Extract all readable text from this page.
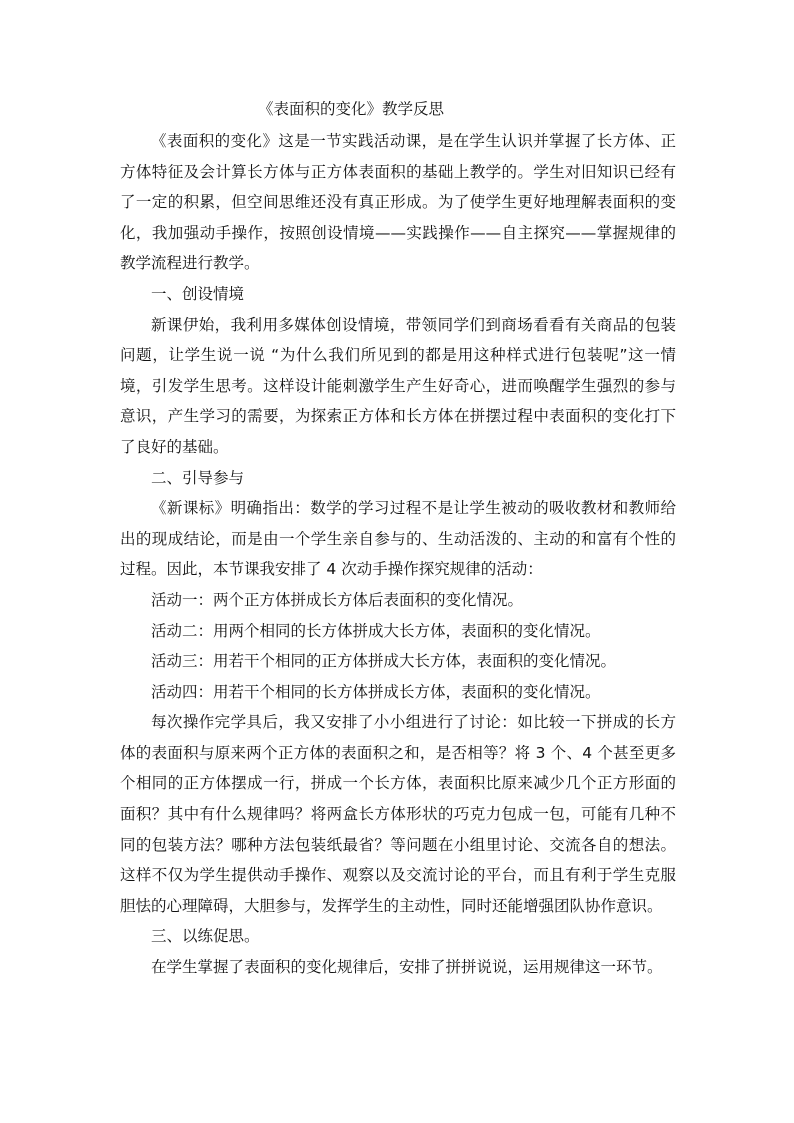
《表面积的变化》教学反思

《表面积的变化》这是一节实践活动课，是在学生认识并掌握了长方体、正方体特征及会计算长方体与正方体表面积的基础上教学的。学生对旧知识已经有了一定的积累，但空间思维还没有真正形成。为了使学生更好地理解表面积的变化，我加强动手操作，按照创设情境——实践操作——自主探究——掌握规律的教学流程进行教学。

一、创设情境

新课伊始，我利用多媒体创设情境，带领同学们到商场看看有关商品的包装问题，让学生说一说 “为什么我们所见到的都是用这种样式进行包装呢”这一情境，引发学生思考。这样设计能刺激学生产生好奇心，进而唤醒学生强烈的参与意识，产生学习的需要，为探索正方体和长方体在拼摆过程中表面积的变化打下了良好的基础。

二、引导参与

《新课标》明确指出：数学的学习过程不是让学生被动的吸收教材和教师给出的现成结论，而是由一个学生亲自参与的、生动活泼的、主动的和富有个性的过程。因此，本节课我安排了 4 次动手操作探究规律的活动：

活动一：两个正方体拼成长方体后表面积的变化情况。

活动二：用两个相同的长方体拼成大长方体，表面积的变化情况。

活动三：用若干个相同的正方体拼成大长方体，表面积的变化情况。

活动四：用若干个相同的长方体拼成长方体，表面积的变化情况。

每次操作完学具后，我又安排了小小组进行了讨论：如比较一下拼成的长方体的表面积与原来两个正方体的表面积之和，是否相等？将 3 个、4 个甚至更多个相同的正方体摆成一行，拼成一个长方体，表面积比原来减少几个正方形面的面积？其中有什么规律吗？将两盒长方体形状的巧克力包成一包，可能有几种不同的包装方法？哪种方法包装纸最省？等问题在小组里讨论、交流各自的想法。这样不仅为学生提供动手操作、观察以及交流讨论的平台，而且有利于学生克服胆怯的心理障碍，大胆参与，发挥学生的主动性，同时还能增强团队协作意识。

三、以练促思。

在学生掌握了表面积的变化规律后，安排了拼拼说说，运用规律这一环节。
